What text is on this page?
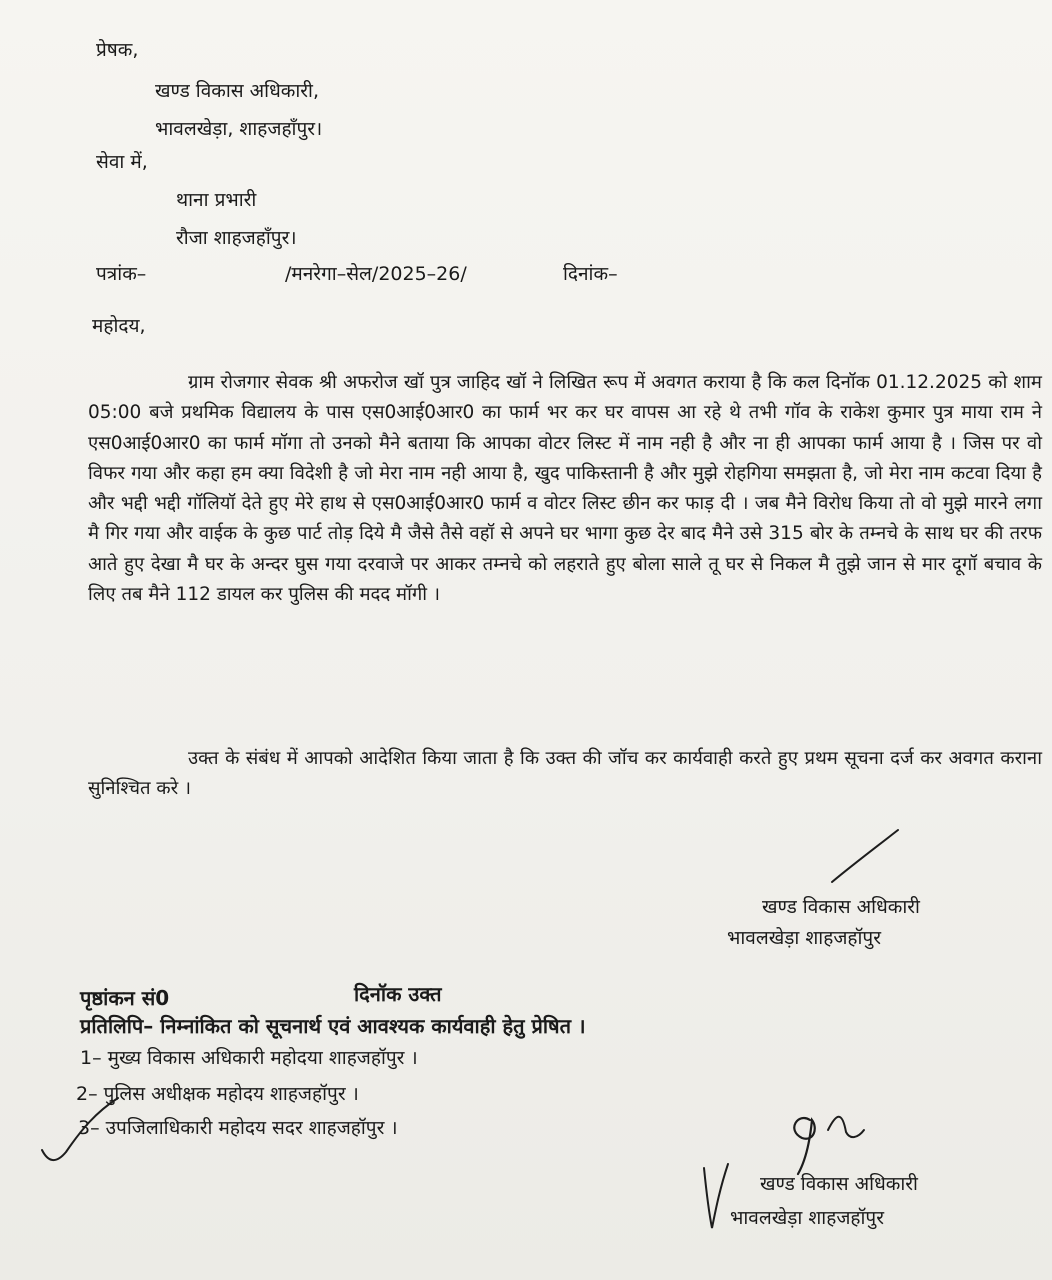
प्रेषक,
खण्ड विकास अधिकारी,
भावलखेड़ा, शाहजहाँपुर।
सेवा में,
थाना प्रभारी
रौजा शाहजहाँपुर।
पत्रांक–	/मनरेगा–सेल/2025–26/	दिनांक–
महोदय,
ग्राम रोजगार सेवक श्री अफरोज खॉ पुत्र जाहिद खॉ ने लिखित रूप में अवगत कराया है कि कल दिनॉक 01.12.2025 को शाम 05:00 बजे प्रथमिक विद्यालय के पास एस0आई0आर0 का फार्म भर कर घर वापस आ रहे थे तभी गॉव के राकेश कुमार पुत्र माया राम ने एस0आई0आर0 का फार्म मॉगा तो उनको मैने बताया कि आपका वोटर लिस्ट में नाम नही है और ना ही आपका फार्म आया है । जिस पर वो विफर गया और कहा हम क्या विदेशी है जो मेरा नाम नही आया है, खुद पाकिस्तानी है और मुझे रोहगिया समझता है, जो मेरा नाम कटवा दिया है और भद्दी भद्दी गॉलियॉ देते हुए मेरे हाथ से एस0आई0आर0 फार्म व वोटर लिस्ट छीन कर फाड़ दी । जब मैने विरोध किया तो वो मुझे मारने लगा मै गिर गया और वाईक के कुछ पार्ट तोड़ दिये मै जैसे तैसे वहॉ से अपने घर भागा कुछ देर बाद मैने उसे 315 बोर के तम्नचे के साथ घर की तरफ आते हुए देखा मै घर के अन्दर घुस गया दरवाजे पर आकर तम्नचे को लहराते हुए बोला साले तू घर से निकल मै तुझे जान से मार दूगॉ बचाव के लिए तब मैने 112 डायल कर पुलिस की मदद मॉगी ।
उक्त के संबंध में आपको आदेशित किया जाता है कि उक्त की जॉच कर कार्यवाही करते हुए प्रथम सूचना दर्ज कर अवगत कराना सुनिश्चित करे ।
खण्ड विकास अधिकारी
भावलखेड़ा शाहजहॉपुर
पृष्ठांकन सं0	दिनॉक उक्त
प्रतिलिपि– निम्नांकित को सूचनार्थ एवं आवश्यक कार्यवाही हेतु प्रेषित ।
1– मुख्य विकास अधिकारी महोदया शाहजहॉपुर ।
2– पुलिस अधीक्षक महोदय शाहजहॉपुर ।
3– उपजिलाधिकारी महोदय सदर शाहजहॉपुर ।
खण्ड विकास अधिकारी
भावलखेड़ा शाहजहॉपुर
